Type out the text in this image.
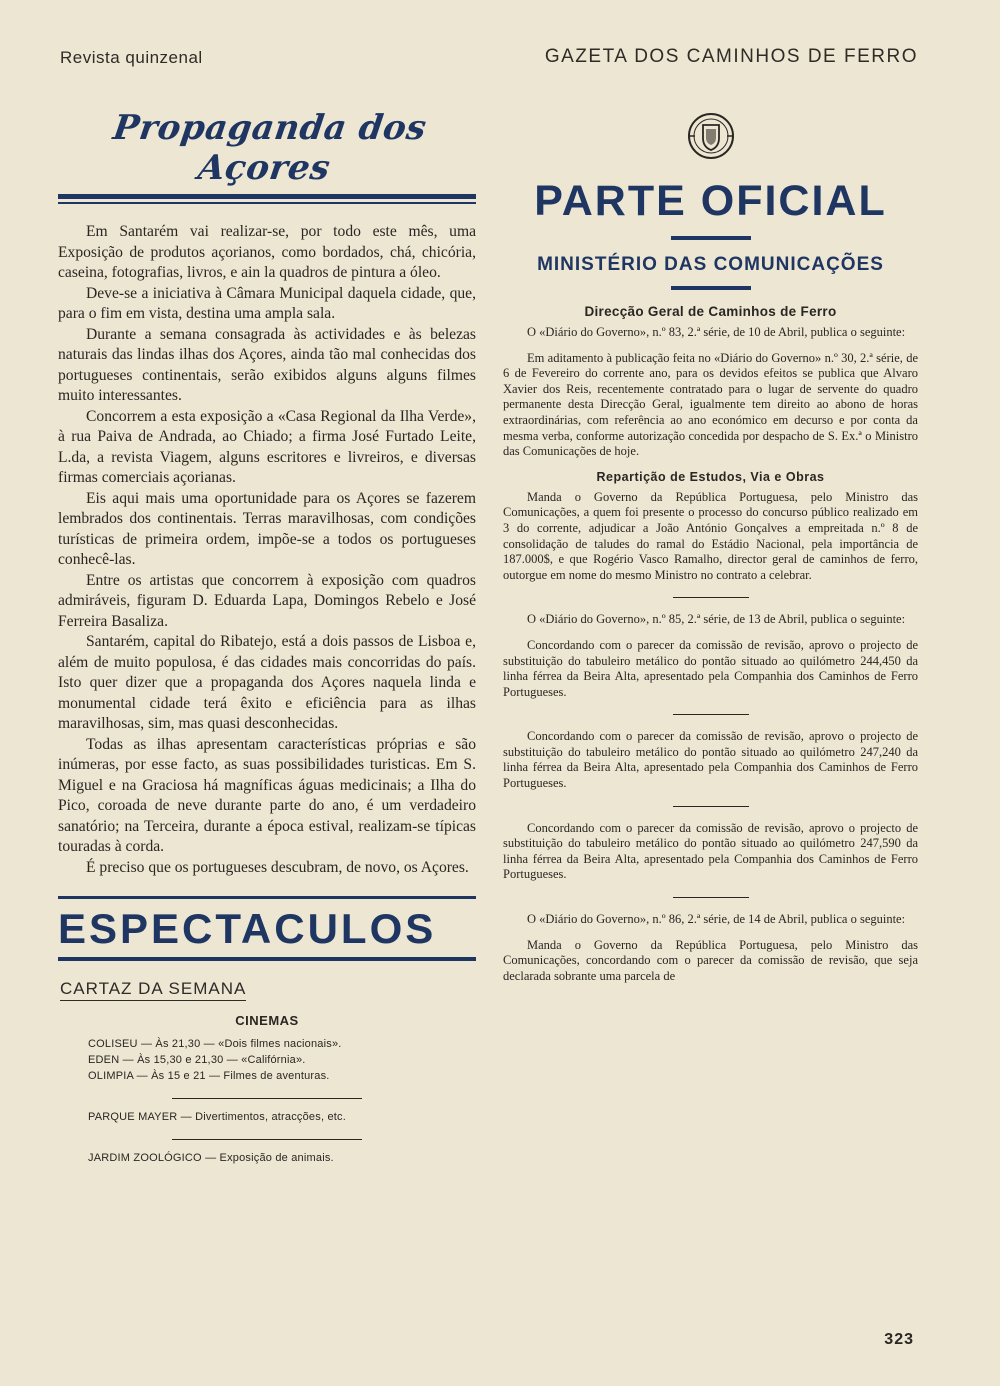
Revista quinzenal	GAZETA DOS CAMINHOS DE FERRO
Propaganda dos Açores

Em Santarém vai realizar-se, por todo este mês, uma Exposição de produtos açorianos, como bordados, chá, chicória, caseina, fotografias, livros, e ain la quadros de pintura a óleo.

Deve-se a iniciativa à Câmara Municipal daquela cidade, que, para o fim em vista, destina uma ampla sala.

Durante a semana consagrada às actividades e às belezas naturais das lindas ilhas dos Açores, ainda tão mal conhecidas dos portugueses continentais, serão exibidos alguns alguns filmes muito interessantes.

Concorrem a esta exposição a «Casa Regional da Ilha Verde», à rua Paiva de Andrada, ao Chiado; a firma José Furtado Leite, L.da, a revista Viagem, alguns escritores e livreiros, e diversas firmas comerciais açorianas.

Eis aqui mais uma oportunidade para os Açores se fazerem lembrados dos continentais. Terras maravilhosas, com condições turísticas de primeira ordem, impõe-se a todos os portugueses conhecê-las.

Entre os artistas que concorrem à exposição com quadros admiráveis, figuram D. Eduarda Lapa, Domingos Rebelo e José Ferreira Basaliza.

Santarém, capital do Ribatejo, está a dois passos de Lisboa e, além de muito populosa, é das cidades mais concorridas do país. Isto quer dizer que a propaganda dos Açores naquela linda e monumental cidade terá êxito e eficiência para as ilhas maravilhosas, sim, mas quasi desconhecidas.

Todas as ilhas apresentam características próprias e são inúmeras, por esse facto, as suas possibilidades turisticas. Em S. Miguel e na Graciosa há magníficas águas medicinais; a Ilha do Pico, coroada de neve durante parte do ano, é um verdadeiro sanatório; na Terceira, durante a época estival, realizam-se típicas touradas à corda.

É preciso que os portugueses descubram, de novo, os Açores.

ESPECTACULOS
CARTAZ DA SEMANA
CINEMAS
COLISEU — Às 21,30 — «Dois filmes nacionais».
EDEN — Às 15,30 e 21,30 — «Califórnia».
OLIMPIA — Às 15 e 21 — Filmes de aventuras.
PARQUE MAYER — Divertimentos, atracções, etc.
JARDIM ZOOLÓGICO — Exposição de animais.
PARTE OFICIAL
MINISTÉRIO DAS COMUNICAÇÕES
Direcção Geral de Caminhos de Ferro

O «Diário do Governo», n.º 83, 2.ª série, de 10 de Abril, publica o seguinte:

Em aditamento à publicação feita no «Diário do Governo» n.º 30, 2.ª série, de 6 de Fevereiro do corrente ano, para os devidos efeitos se publica que Alvaro Xavier dos Reis, recentemente contratado para o lugar de servente do quadro permanente desta Direcção Geral, igualmente tem direito ao abono de horas extraordinárias, com referência ao ano económico em decurso e por conta da mesma verba, conforme autorização concedida por despacho de S. Ex.ª o Ministro das Comunicações de hoje.

Repartição de Estudos, Via e Obras

Manda o Governo da República Portuguesa, pelo Ministro das Comunicações, a quem foi presente o processo do concurso público realizado em 3 do corrente, adjudicar a João António Gonçalves a empreitada n.º 8 de consolidação de taludes do ramal do Estádio Nacional, pela importância de 187.000$, e que Rogério Vasco Ramalho, director geral de caminhos de ferro, outorgue em nome do mesmo Ministro no contrato a celebrar.

O «Diário do Governo», n.º 85, 2.ª série, de 13 de Abril, publica o seguinte:

Concordando com o parecer da comissão de revisão, aprovo o projecto de substituição do tabuleiro metálico do pontão situado ao quilómetro 244,450 da linha férrea da Beira Alta, apresentado pela Companhia dos Caminhos de Ferro Portugueses.

Concordando com o parecer da comissão de revisão, aprovo o projecto de substituição do tabuleiro metálico do pontão situado ao quilómetro 247,240 da linha férrea da Beira Alta, apresentado pela Companhia dos Caminhos de Ferro Portugueses.

Concordando com o parecer da comissão de revisão, aprovo o projecto de substituição do tabuleiro metálico do pontão situado ao quilómetro 247,590 da linha férrea da Beira Alta, apresentado pela Companhia dos Caminhos de Ferro Portugueses.

O «Diário do Governo», n.º 86, 2.ª série, de 14 de Abril, publica o seguinte:

Manda o Governo da República Portuguesa, pelo Ministro das Comunicações, concordando com o parecer da comissão de revisão, que seja declarada sobrante uma parcela de

323
